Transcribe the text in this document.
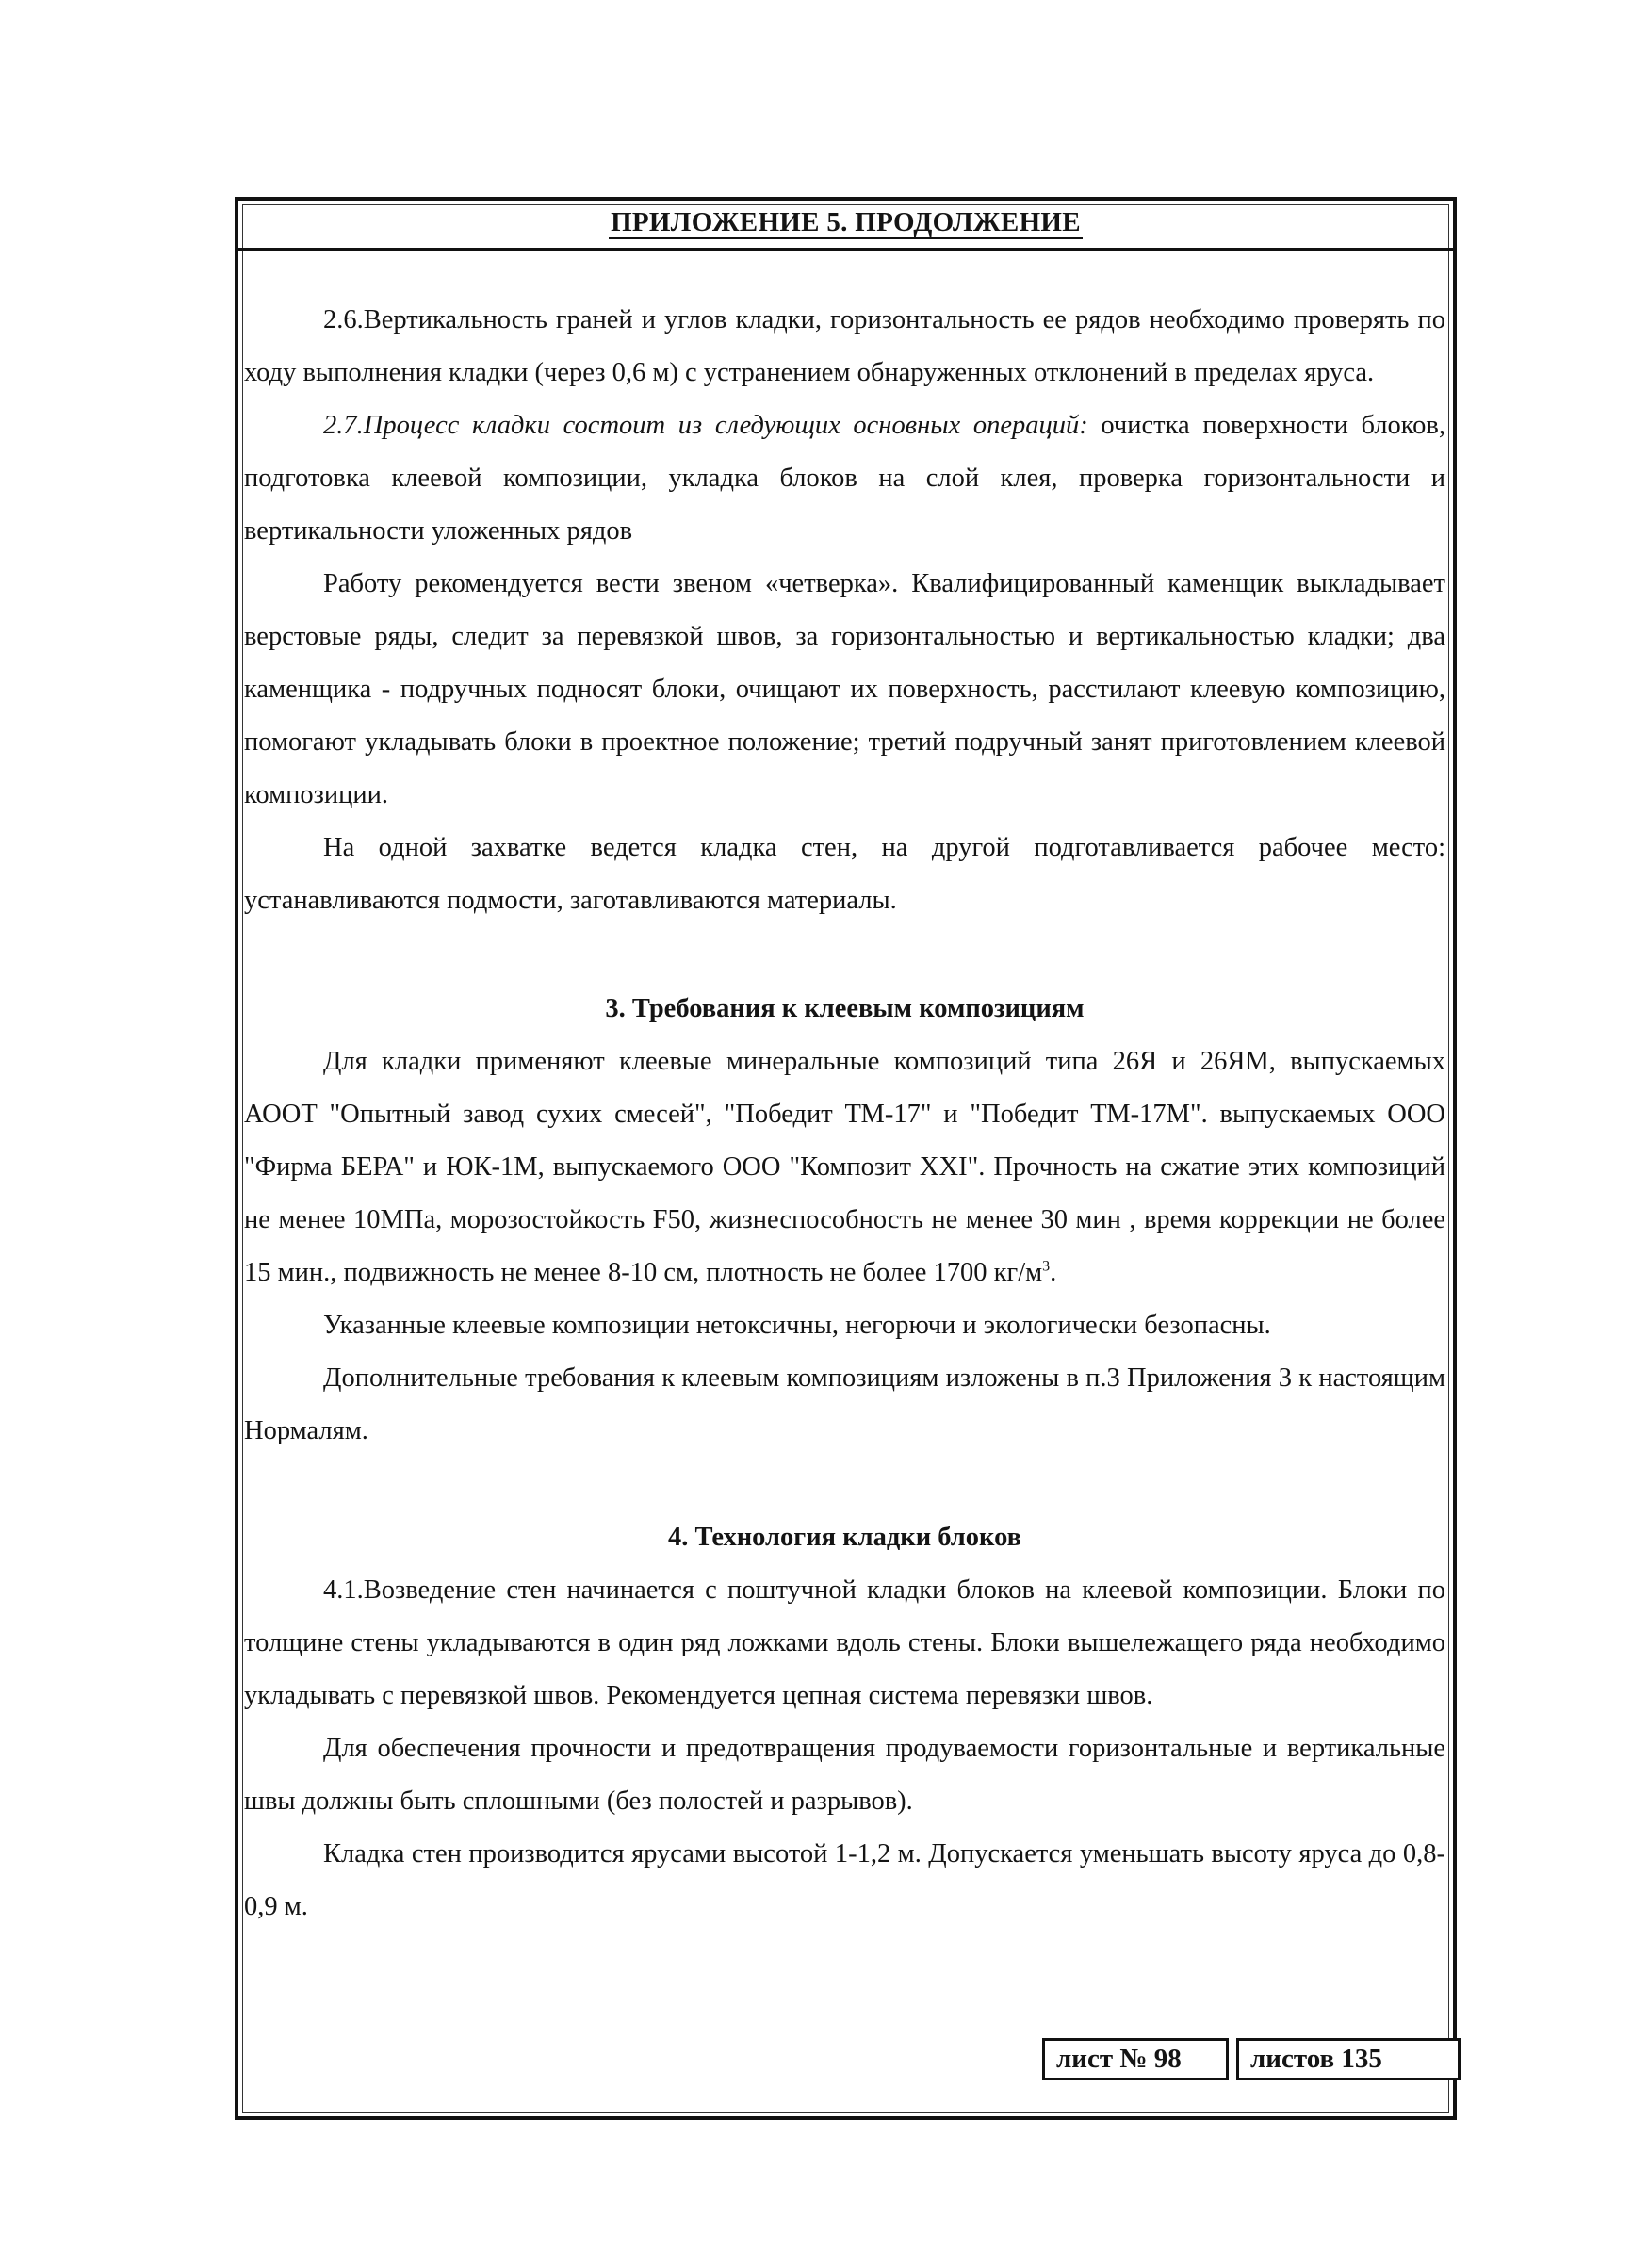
ПРИЛОЖЕНИЕ 5. ПРОДОЛЖЕНИЕ

2.6.Вертикальность граней и углов кладки, горизонтальность ее рядов необходимо проверять по ходу выполнения кладки (через 0,6 м) с устранением обнаруженных отклонений в пределах яруса.

2.7.Процесс кладки состоит из следующих основных операций: очистка поверхности блоков, подготовка клеевой композиции, укладка блоков на слой клея, проверка горизонтальности и вертикальности уложенных рядов

Работу рекомендуется вести звеном «четверка». Квалифицированный каменщик выкладывает верстовые ряды, следит за перевязкой швов, за горизонтальностью и вертикальностью кладки; два каменщика - подручных подносят блоки, очищают их поверхность, расстилают клеевую композицию, помогают укладывать блоки в проектное положение; третий подручный занят приготовлением клеевой композиции.

На одной захватке ведется кладка стен, на другой подготавливается рабочее место: устанавливаются подмости, заготавливаются материалы.

3. Требования к клеевым композициям

Для кладки применяют клеевые минеральные композиций типа 26Я и 26ЯМ, выпускаемых АООТ "Опытный завод сухих смесей", "Победит ТМ-17" и "Победит ТМ-17М". выпускаемых ООО "Фирма БЕРА" и ЮК-1М, выпускаемого ООО "Композит XXI". Прочность на сжатие этих композиций не менее 10МПа, морозостойкость F50, жизнеспособность не менее 30 мин , время коррекции не более 15 мин., подвижность не менее 8-10 см, плотность не более 1700 $кг/м^3$.

Указанные клеевые композиции нетоксичны, негорючи и экологически безопасны.

Дополнительные требования к клеевым композициям изложены в п.3 Приложения 3 к настоящим Нормалям.

4. Технология кладки блоков

4.1.Возведение стен начинается с поштучной кладки блоков на клеевой композиции. Блоки по толщине стены укладываются в один ряд ложками вдоль стены. Блоки вышележащего ряда необходимо укладывать с перевязкой швов. Рекомендуется цепная система перевязки швов.

Для обеспечения прочности и предотвращения продуваемости горизонтальные и вертикальные швы должны быть сплошными (без полостей и разрывов).

Кладка стен производится ярусами высотой 1-1,2 м. Допускается уменьшать высоту яруса до 0,8-0,9 м.

лист № 98	листов 135
